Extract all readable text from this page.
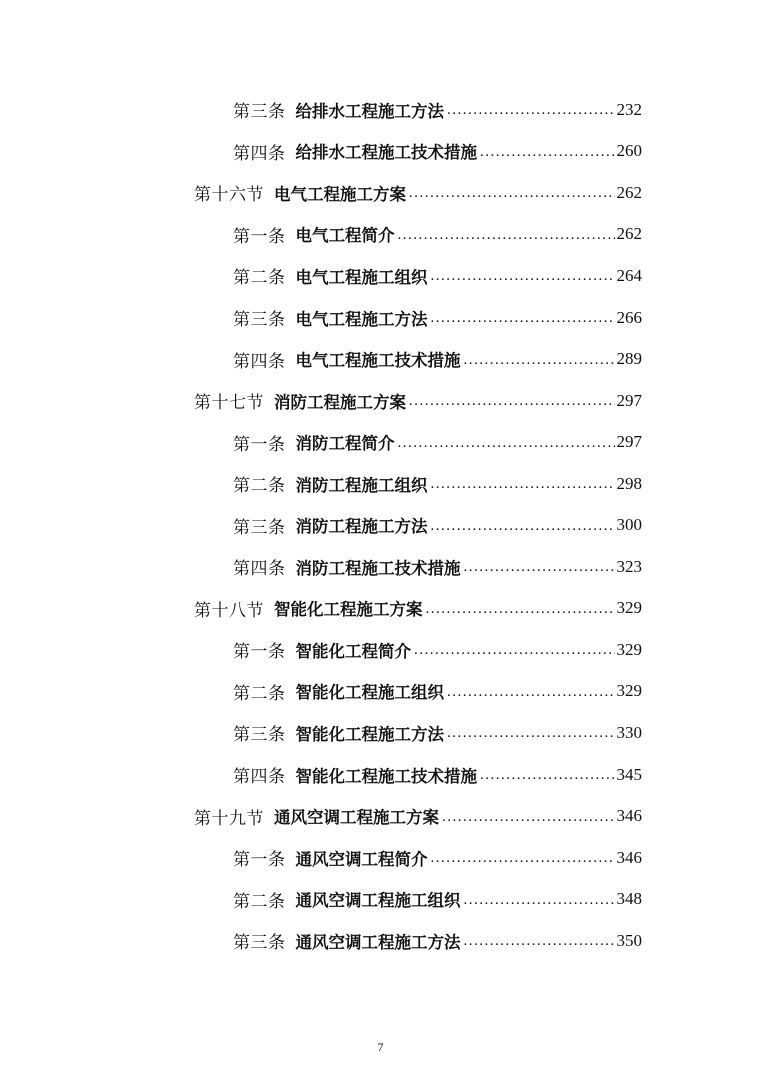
第三条 给排水工程施工方法 .....	232
第四条 给排水工程施工技术措施 .....	260
第十六节 电气工程施工方案 .....	262
第一条 电气工程简介 .....	262
第二条 电气工程施工组织 .....	264
第三条 电气工程施工方法 .....	266
第四条 电气工程施工技术措施 .....	289
第十七节 消防工程施工方案 .....	297
第一条 消防工程简介 .....	297
第二条 消防工程施工组织 .....	298
第三条 消防工程施工方法 .....	300
第四条 消防工程施工技术措施 .....	323
第十八节 智能化工程施工方案 .....	329
第一条 智能化工程简介 .....	329
第二条 智能化工程施工组织 .....	329
第三条 智能化工程施工方法 .....	330
第四条 智能化工程施工技术措施 .....	345
第十九节 通风空调工程施工方案 .....	346
第一条 通风空调工程简介 .....	346
第二条 通风空调工程施工组织 .....	348
第三条 通风空调工程施工方法 .....	350
7
